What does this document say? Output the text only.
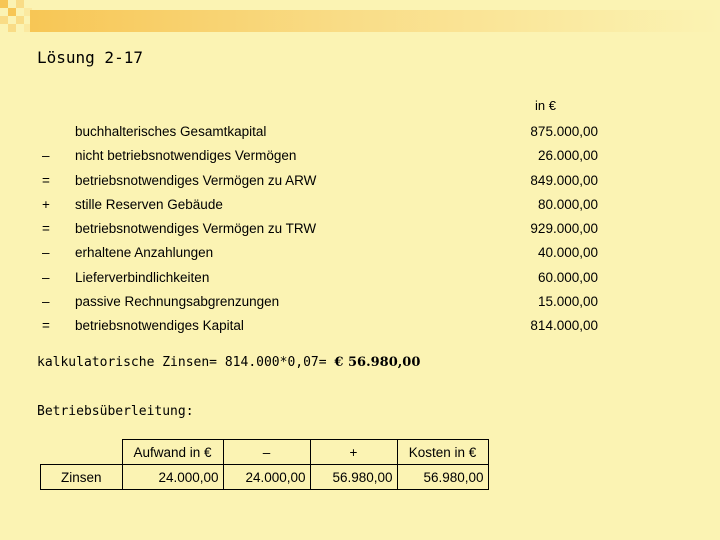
Lösung 2-17
in €
buchhalterisches Gesamtkapital	875.000,00
–	nicht betriebsnotwendiges Vermögen	26.000,00
=	betriebsnotwendiges Vermögen zu ARW	849.000,00
+	stille Reserven Gebäude	80.000,00
=	betriebsnotwendiges Vermögen zu TRW	929.000,00
–	erhaltene Anzahlungen	40.000,00
–	Lieferverbindlichkeiten	60.000,00
–	passive Rechnungsabgrenzungen	15.000,00
=	betriebsnotwendiges Kapital	814.000,00
kalkulatorische Zinsen= 814.000*0,07= € 56.980,00
Betriebsüberleitung:
	Aufwand in €	–	+	Kosten in €
Zinsen	24.000,00	24.000,00	56.980,00	56.980,00
